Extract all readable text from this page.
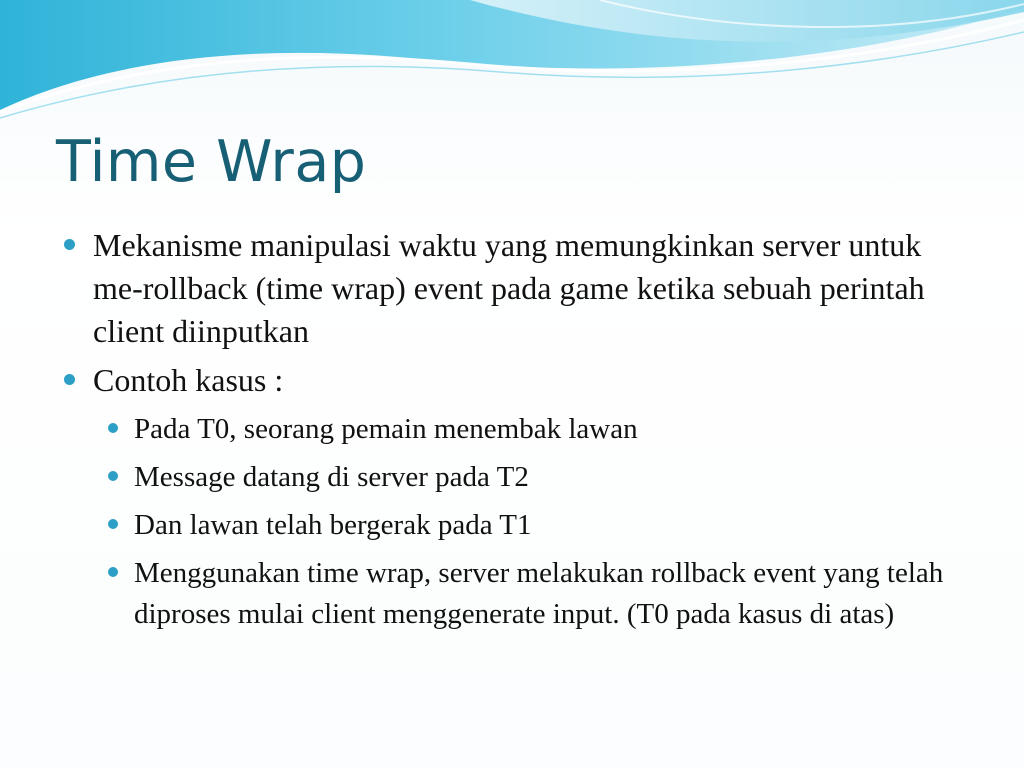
Time Wrap
Mekanisme manipulasi waktu yang memungkinkan server untuk me-rollback (time wrap) event pada game ketika sebuah perintah client diinputkan
Contoh kasus :
Pada T0, seorang pemain menembak lawan
Message datang di server pada T2
Dan lawan telah bergerak pada T1
Menggunakan time wrap, server melakukan rollback event yang telah diproses mulai client menggenerate input. (T0 pada kasus di atas)
